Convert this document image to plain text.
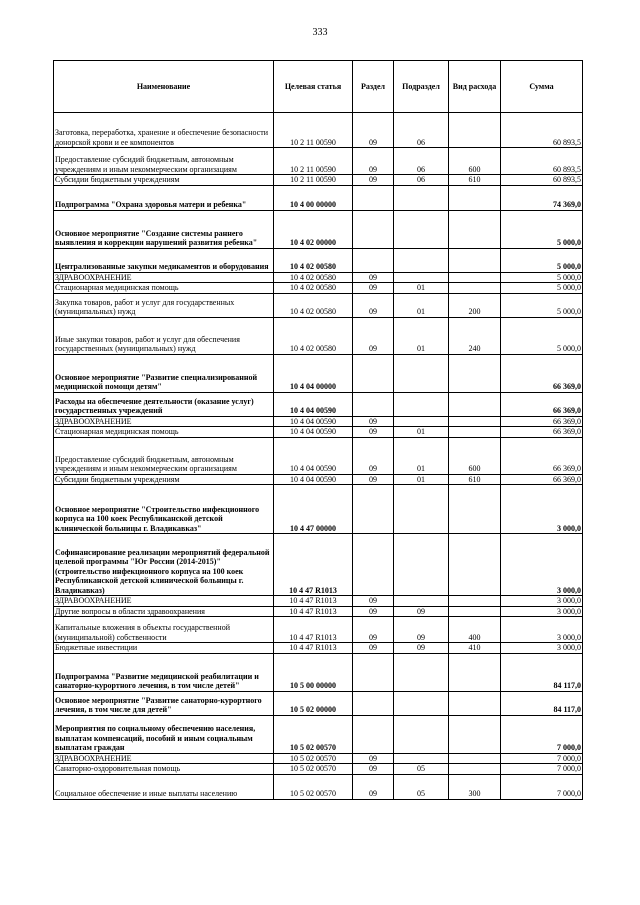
333
Наименование	Целевая статья	Раздел	Подраздел	Вид расхода	Сумма
Заготовка, переработка, хранение и обеспечение безопасности донорской крови и ее компонентов	10 2 11 00590	09	06		60 893,5
Предоставление субсидий бюджетным, автономным учреждениям и иным некоммерческим организациям	10 2 11 00590	09	06	600	60 893,5
Субсидии бюджетным учреждениям	10 2 11 00590	09	06	610	60 893,5
Подпрограмма "Охрана здоровья матери и ребенка"	10 4 00 00000				74 369,0
Основное мероприятие "Создание системы раннего выявления и коррекции нарушений развития ребенка"	10 4 02 00000				5 000,0
Централизованные закупки медикаментов и оборудования	10 4 02 00580				5 000,0
ЗДРАВООХРАНЕНИЕ	10 4 02 00580	09			5 000,0
Стационарная медицинская помощь	10 4 02 00580	09	01		5 000,0
Закупка товаров, работ и услуг для государственных (муниципальных) нужд	10 4 02 00580	09	01	200	5 000,0
Иные закупки товаров, работ и услуг для обеспечения государственных (муниципальных) нужд	10 4 02 00580	09	01	240	5 000,0
Основное мероприятие "Развитие специализированной медицинской помощи детям"	10 4 04 00000				66 369,0
Расходы на обеспечение деятельности (оказание услуг) государственных учреждений	10 4 04 00590				66 369,0
ЗДРАВООХРАНЕНИЕ	10 4 04 00590	09			66 369,0
Стационарная медицинская помощь	10 4 04 00590	09	01		66 369,0
Предоставление субсидий бюджетным, автономным учреждениям и иным некоммерческим организациям	10 4 04 00590	09	01	600	66 369,0
Субсидии бюджетным учреждениям	10 4 04 00590	09	01	610	66 369,0
Основное мероприятие "Строительство инфекционного корпуса на 100 коек Республиканской детской клинической больницы г. Владикавказ"	10 4 47 00000				3 000,0
Софинансирование реализации мероприятий федеральной целевой программы "Юг России (2014-2015)" (строительство инфекционного корпуса на 100 коек Республиканской детской клинической больницы г. Владикавказ)	10 4 47 R1013				3 000,0
ЗДРАВООХРАНЕНИЕ	10 4 47 R1013	09			3 000,0
Другие вопросы в области здравоохранения	10 4 47 R1013	09	09		3 000,0
Капитальные вложения в объекты государственной (муниципальной) собственности	10 4 47 R1013	09	09	400	3 000,0
Бюджетные инвестиции	10 4 47 R1013	09	09	410	3 000,0
Подпрограмма "Развитие медицинской реабилитации и санаторно-курортного лечения, в том числе детей"	10 5 00 00000				84 117,0
Основное мероприятие "Развитие санаторно-курортного лечения, в том числе для детей"	10 5 02 00000				84 117,0
Мероприятия по социальному обеспечению населения, выплатам компенсаций, пособий и иным социальным выплатам граждан	10 5 02 00570				7 000,0
ЗДРАВООХРАНЕНИЕ	10 5 02 00570	09			7 000,0
Санаторно-оздоровительная помощь	10 5 02 00570	09	05		7 000,0
Социальное обеспечение и иные выплаты населению	10 5 02 00570	09	05	300	7 000,0
